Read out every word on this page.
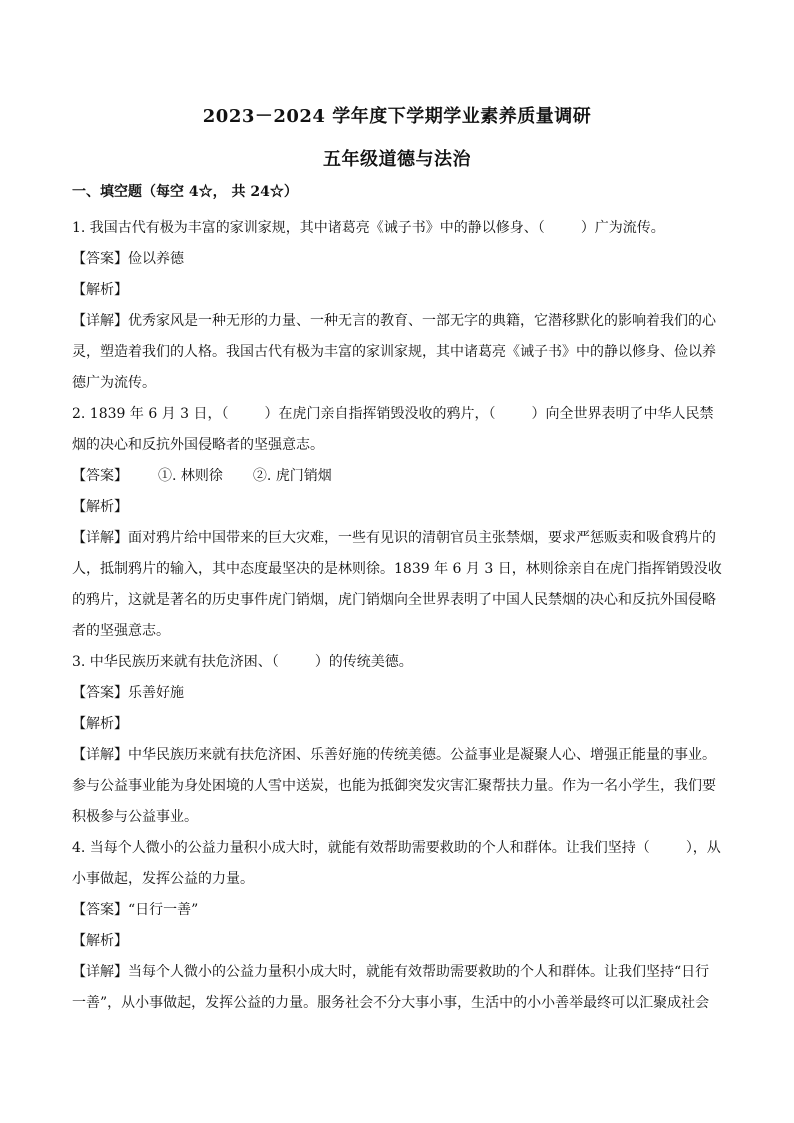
2023－2024 学年度下学期学业素养质量调研
五年级道德与法治
一、填空题（每空 4☆， 共 24☆）
1. 我国古代有极为丰富的家训家规，其中诸葛亮《诫子书》中的静以修身、（	）广为流传。
【答案】俭以养德
【解析】
【详解】优秀家风是一种无形的力量、一种无言的教育、一部无字的典籍，它潜移默化的影响着我们的心灵，塑造着我们的人格。我国古代有极为丰富的家训家规，其中诸葛亮《诫子书》中的静以修身、俭以养德广为流传。
2. 1839 年 6 月 3 日，（	）在虎门亲自指挥销毁没收的鸦片，（	）向全世界表明了中华人民禁烟的决心和反抗外国侵略者的坚强意志。
【答案】 ①. 林则徐 ②. 虎门销烟
【解析】
【详解】面对鸦片给中国带来的巨大灾难，一些有见识的清朝官员主张禁烟，要求严惩贩卖和吸食鸦片的人，抵制鸦片的输入，其中态度最坚决的是林则徐。1839 年 6 月 3 日，林则徐亲自在虎门指挥销毁没收的鸦片，这就是著名的历史事件虎门销烟，虎门销烟向全世界表明了中国人民禁烟的决心和反抗外国侵略者的坚强意志。
3. 中华民族历来就有扶危济困、（	）的传统美德。
【答案】乐善好施
【解析】
【详解】中华民族历来就有扶危济困、乐善好施的传统美德。公益事业是凝聚人心、增强正能量的事业。参与公益事业能为身处困境的人雪中送炭，也能为抵御突发灾害汇聚帮扶力量。作为一名小学生，我们要积极参与公益事业。
4. 当每个人微小的公益力量积小成大时，就能有效帮助需要救助的个人和群体。让我们坚持（	），从小事做起，发挥公益的力量。
【答案】“日行一善”
【解析】
【详解】当每个人微小的公益力量积小成大时，就能有效帮助需要救助的个人和群体。让我们坚持“日行一善”，从小事做起，发挥公益的力量。服务社会不分大事小事，生活中的小小善举最终可以汇聚成社会
